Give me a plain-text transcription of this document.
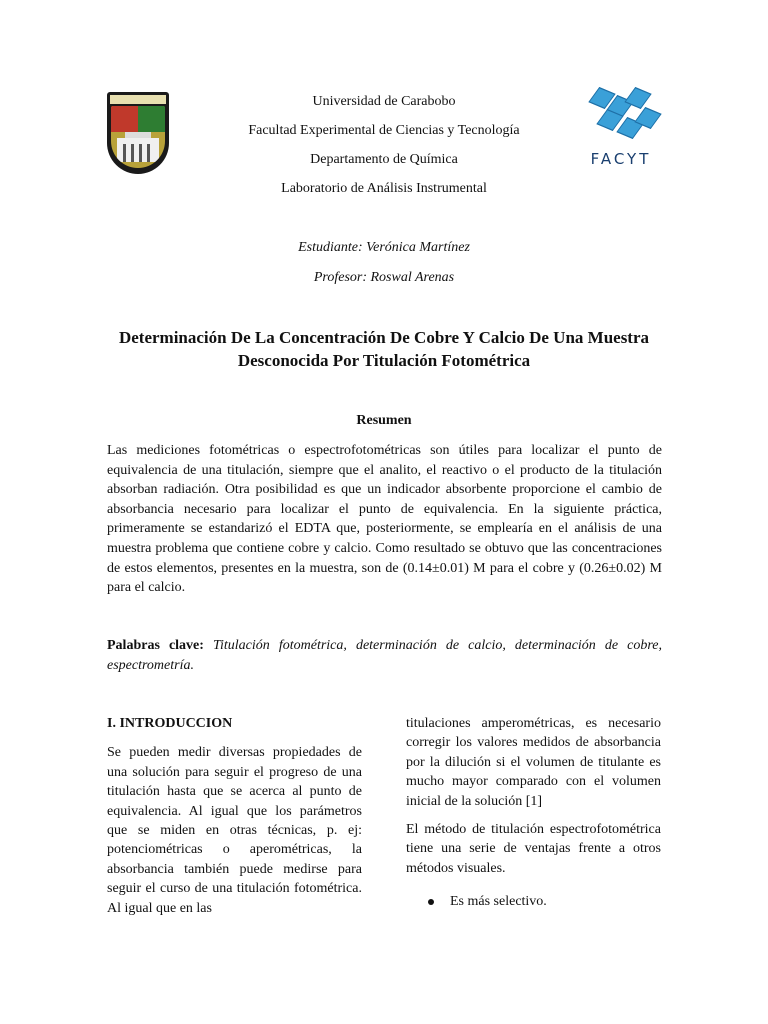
FACYT
Universidad de Carabobo
Facultad Experimental de Ciencias y Tecnología
Departamento de Química
Laboratorio de Análisis Instrumental
Estudiante: Verónica Martínez
Profesor: Roswal Arenas
Determinación De La Concentración De Cobre Y Calcio De Una Muestra Desconocida Por Titulación Fotométrica
Resumen

Las mediciones fotométricas o espectrofotométricas son útiles para localizar el punto de equivalencia de una titulación, siempre que el analito, el reactivo o el producto de la titulación absorban radiación. Otra posibilidad es que un indicador absorbente proporcione el cambio de absorbancia necesario para localizar el punto de equivalencia. En la siguiente práctica, primeramente se estandarizó el EDTA que, posteriormente, se emplearía en el análisis de una muestra problema que contiene cobre y calcio. Como resultado se obtuvo que las concentraciones de estos elementos, presentes en la muestra, son de (0.14±0.01) M para el cobre y (0.26±0.02) M para el calcio.

Palabras clave: Titulación fotométrica, determinación de calcio, determinación de cobre, espectrometría.

I. INTRODUCCION

Se pueden medir diversas propiedades de una solución para seguir el progreso de una titulación hasta que se acerca al punto de equivalencia. Al igual que los parámetros que se miden en otras técnicas, p. ej: potenciométricas o aperométricas, la absorbancia también puede medirse para seguir el curso de una titulación fotométrica. Al igual que en las

titulaciones amperométricas, es necesario corregir los valores medidos de absorbancia por la dilución si el volumen de titulante es mucho mayor comparado con el volumen inicial de la solución [1]

El método de titulación espectrofotométrica tiene una serie de ventajas frente a otros métodos visuales.

Es más selectivo.
